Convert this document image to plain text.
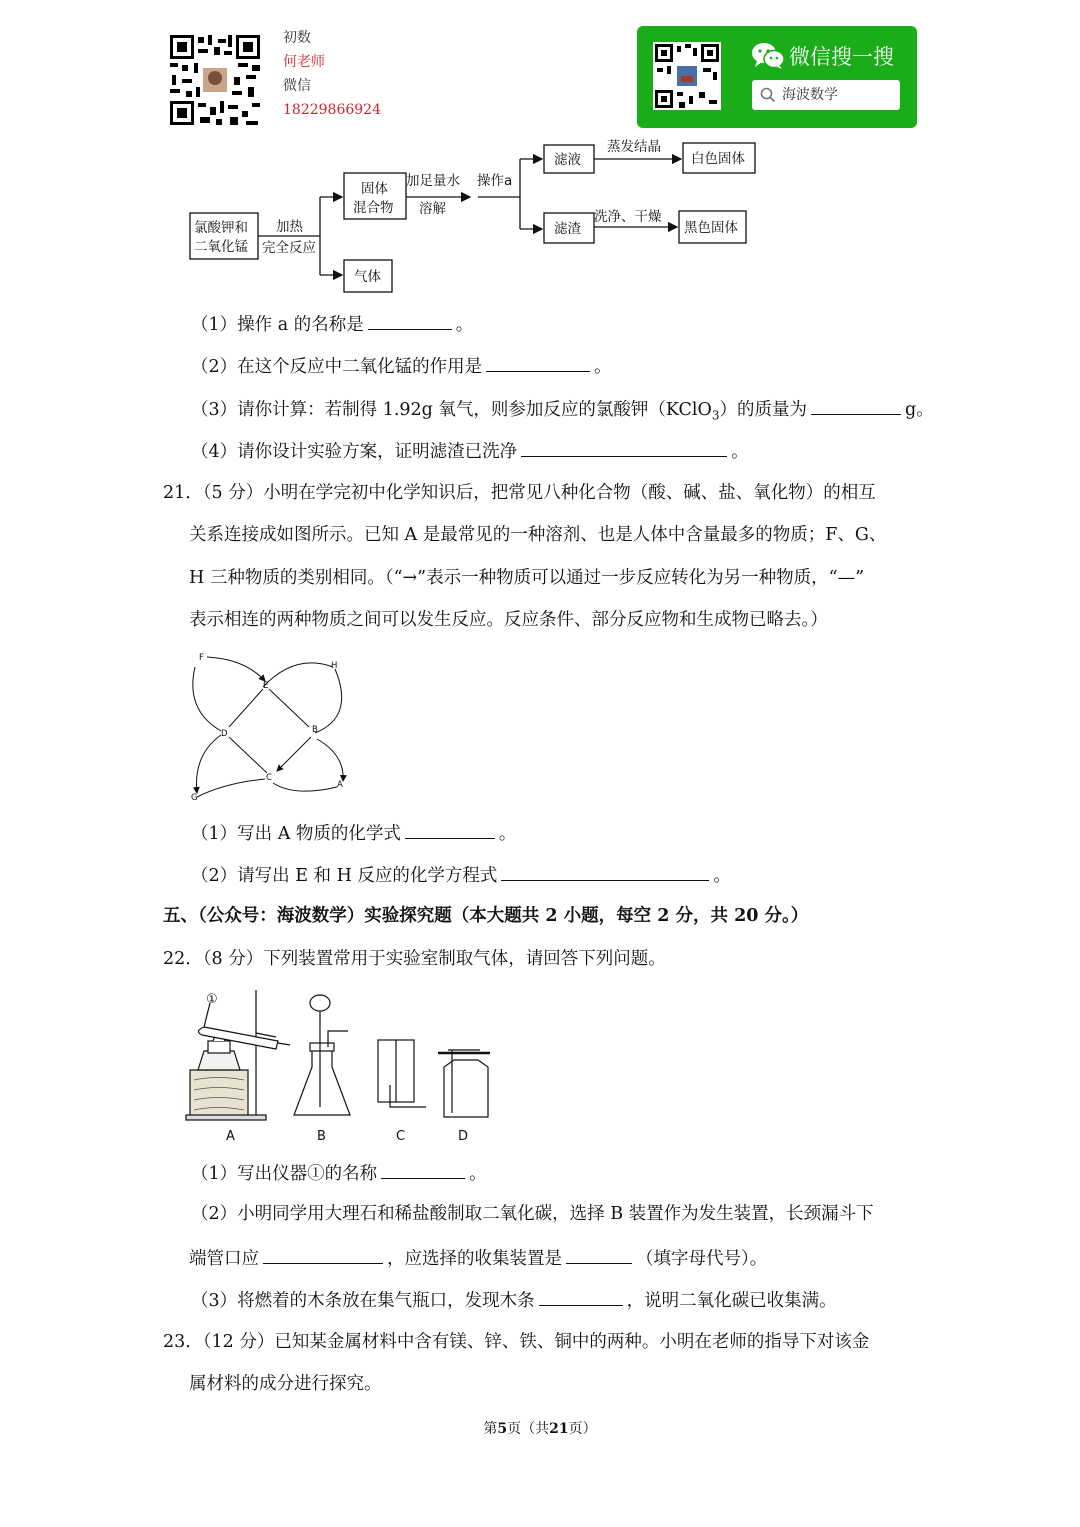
初数
何老师
微信
18229866924
微信搜一搜
海波数学
氯酸钾和
二氧化锰
加热
完全反应
固体
混合物
气体
加足量水
溶解
操作a
滤液
滤渣
蒸发结晶
洗净、干燥
白色固体
黑色固体
（1）操作 a 的名称是	。
（2）在这个反应中二氧化锰的作用是	。
（3）请你计算：若制得 1.92g 氧气，则参加反应的氯酸钾（KClO$_3$）的质量为	g。
（4）请你设计实验方案，证明滤渣已洗净	。
21．（5 分）小明在学完初中化学知识后，把常见八种化合物（酸、碱、盐、氧化物）的相互
关系连接成如图所示。已知 A 是最常见的一种溶剂、也是人体中含量最多的物质；F、G、
H 三种物质的类别相同。（“→”表示一种物质可以通过一步反应转化为另一种物质，“—”
表示相连的两种物质之间可以发生反应。反应条件、部分反应物和生成物已略去。）
F
H
E
D	B
C
G
A
（1）写出 A 物质的化学式	。
（2）请写出 E 和 H 反应的化学方程式	。
五、（公众号：海波数学）实验探究题（本大题共 2 小题，每空 2 分，共 20 分。）
22．（8 分）下列装置常用于实验室制取气体，请回答下列问题。
①
A	B	C	D
（1）写出仪器①的名称	。
（2）小明同学用大理石和稀盐酸制取二氧化碳，选择 B 装置作为发生装置，长颈漏斗下
端管口应	，应选择的收集装置是	（填字母代号）。
（3）将燃着的木条放在集气瓶口，发现木条	，说明二氧化碳已收集满。
23．（12 分）已知某金属材料中含有镁、锌、铁、铜中的两种。小明在老师的指导下对该金
属材料的成分进行探究。
第5页（共21页）
